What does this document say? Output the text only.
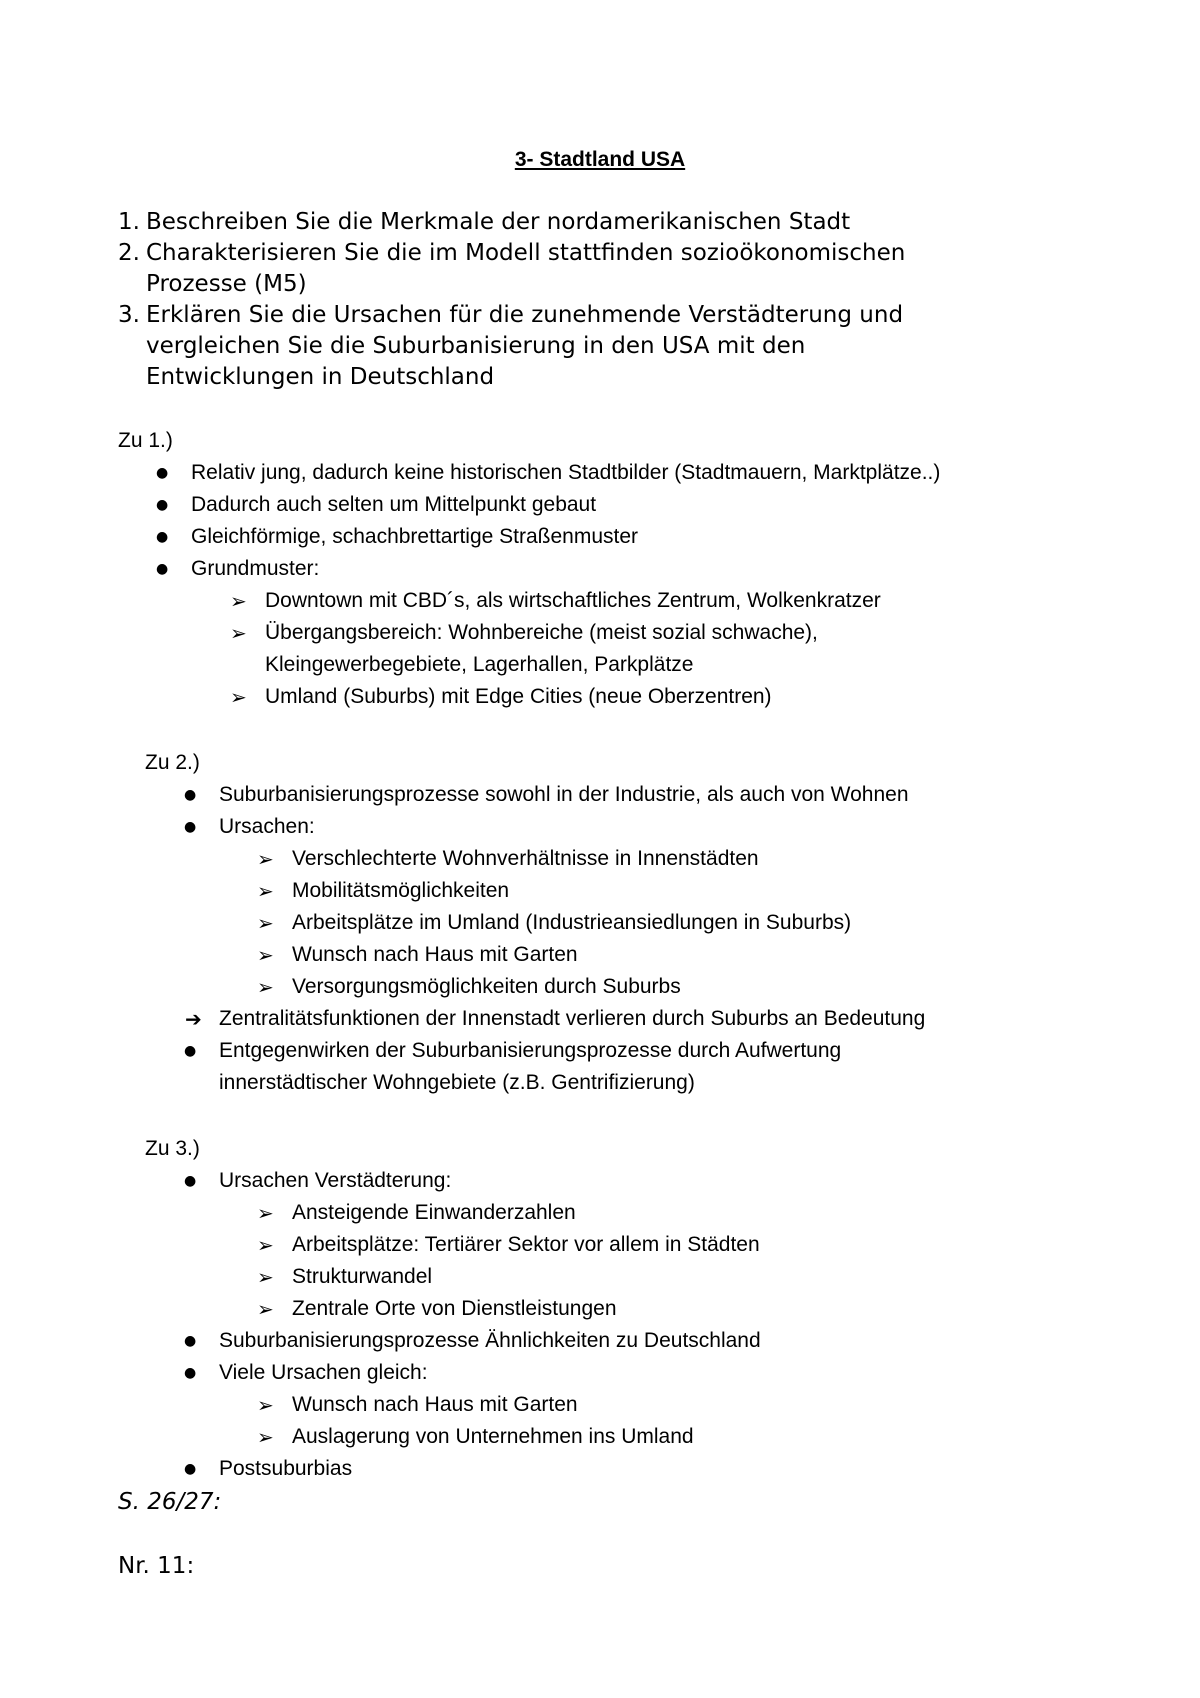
3- Stadtland USA
1. Beschreiben Sie die Merkmale der nordamerikanischen Stadt
2. Charakterisieren Sie die im Modell stattfinden sozioökonomischen
Prozesse (M5)
3. Erklären Sie die Ursachen für die zunehmende Verstädterung und
vergleichen Sie die Suburbanisierung in den USA mit den
Entwicklungen in Deutschland
Zu 1.)
● Relativ jung, dadurch keine historischen Stadtbilder (Stadtmauern, Marktplätze..)
● Dadurch auch selten um Mittelpunkt gebaut
● Gleichförmige, schachbrettartige Straßenmuster
● Grundmuster:
➢ Downtown mit CBD´s, als wirtschaftliches Zentrum, Wolkenkratzer
➢ Übergangsbereich: Wohnbereiche (meist sozial schwache),
Kleingewerbegebiete, Lagerhallen, Parkplätze
➢ Umland (Suburbs) mit Edge Cities (neue Oberzentren)
Zu 2.)
● Suburbanisierungsprozesse sowohl in der Industrie, als auch von Wohnen
● Ursachen:
➢ Verschlechterte Wohnverhältnisse in Innenstädten
➢ Mobilitätsmöglichkeiten
➢ Arbeitsplätze im Umland (Industrieansiedlungen in Suburbs)
➢ Wunsch nach Haus mit Garten
➢ Versorgungsmöglichkeiten durch Suburbs
➔ Zentralitätsfunktionen der Innenstadt verlieren durch Suburbs an Bedeutung
● Entgegenwirken der Suburbanisierungsprozesse durch Aufwertung
innerstädtischer Wohngebiete (z.B. Gentrifizierung)
Zu 3.)
● Ursachen Verstädterung:
➢ Ansteigende Einwanderzahlen
➢ Arbeitsplätze: Tertiärer Sektor vor allem in Städten
➢ Strukturwandel
➢ Zentrale Orte von Dienstleistungen
● Suburbanisierungsprozesse Ähnlichkeiten zu Deutschland
● Viele Ursachen gleich:
➢ Wunsch nach Haus mit Garten
➢ Auslagerung von Unternehmen ins Umland
● Postsuburbias
S. 26/27:
Nr. 11:
